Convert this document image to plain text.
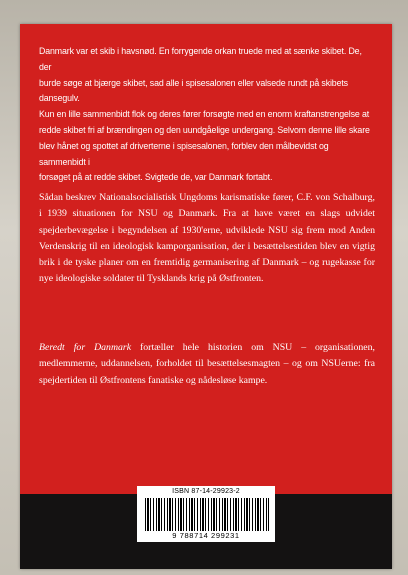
Danmark var et skib i havsnød. En forrygende orkan truede med at sænke skibet. De, der
burde søge at bjærge skibet, sad alle i spisesalonen eller valsede rundt på skibets dansegulv.
Kun en lille sammenbidt flok og deres fører forsøgte med en enorm kraftanstrengelse at
redde skibet fri af brændingen og den uundgåelige undergang. Selvom denne lille skare
blev hånet og spottet af driverterne i spisesalonen, forblev den målbevidst og sammenbidt i
forsøget på at redde skibet. Svigtede de, var Danmark fortabt.

Sådan beskrev Nationalsocialistisk Ungdoms karismatiske fører, C.F. von Schalburg, i 1939 situationen for NSU og Danmark. Fra at have været en slags udvidet spejderbevægelse i begyndelsen af 1930'erne, udviklede NSU sig frem mod Anden Verdenskrig til en ideologisk kamporganisation, der i besættelsestiden blev en vigtig brik i de tyske planer om en fremtidig germanisering af Danmark – og rugekasse for nye ideologiske soldater til Tysklands krig på Østfronten.

Beredt for Danmark fortæller hele historien om NSU – organisationen, medlemmerne, uddannelsen, forholdet til besættelsesmagten – og om NSUerne: fra spejdertiden til Østfrontens fanatiske og nådesløse kampe.

ISBN 87-14-29923-2
9 788714 299231
